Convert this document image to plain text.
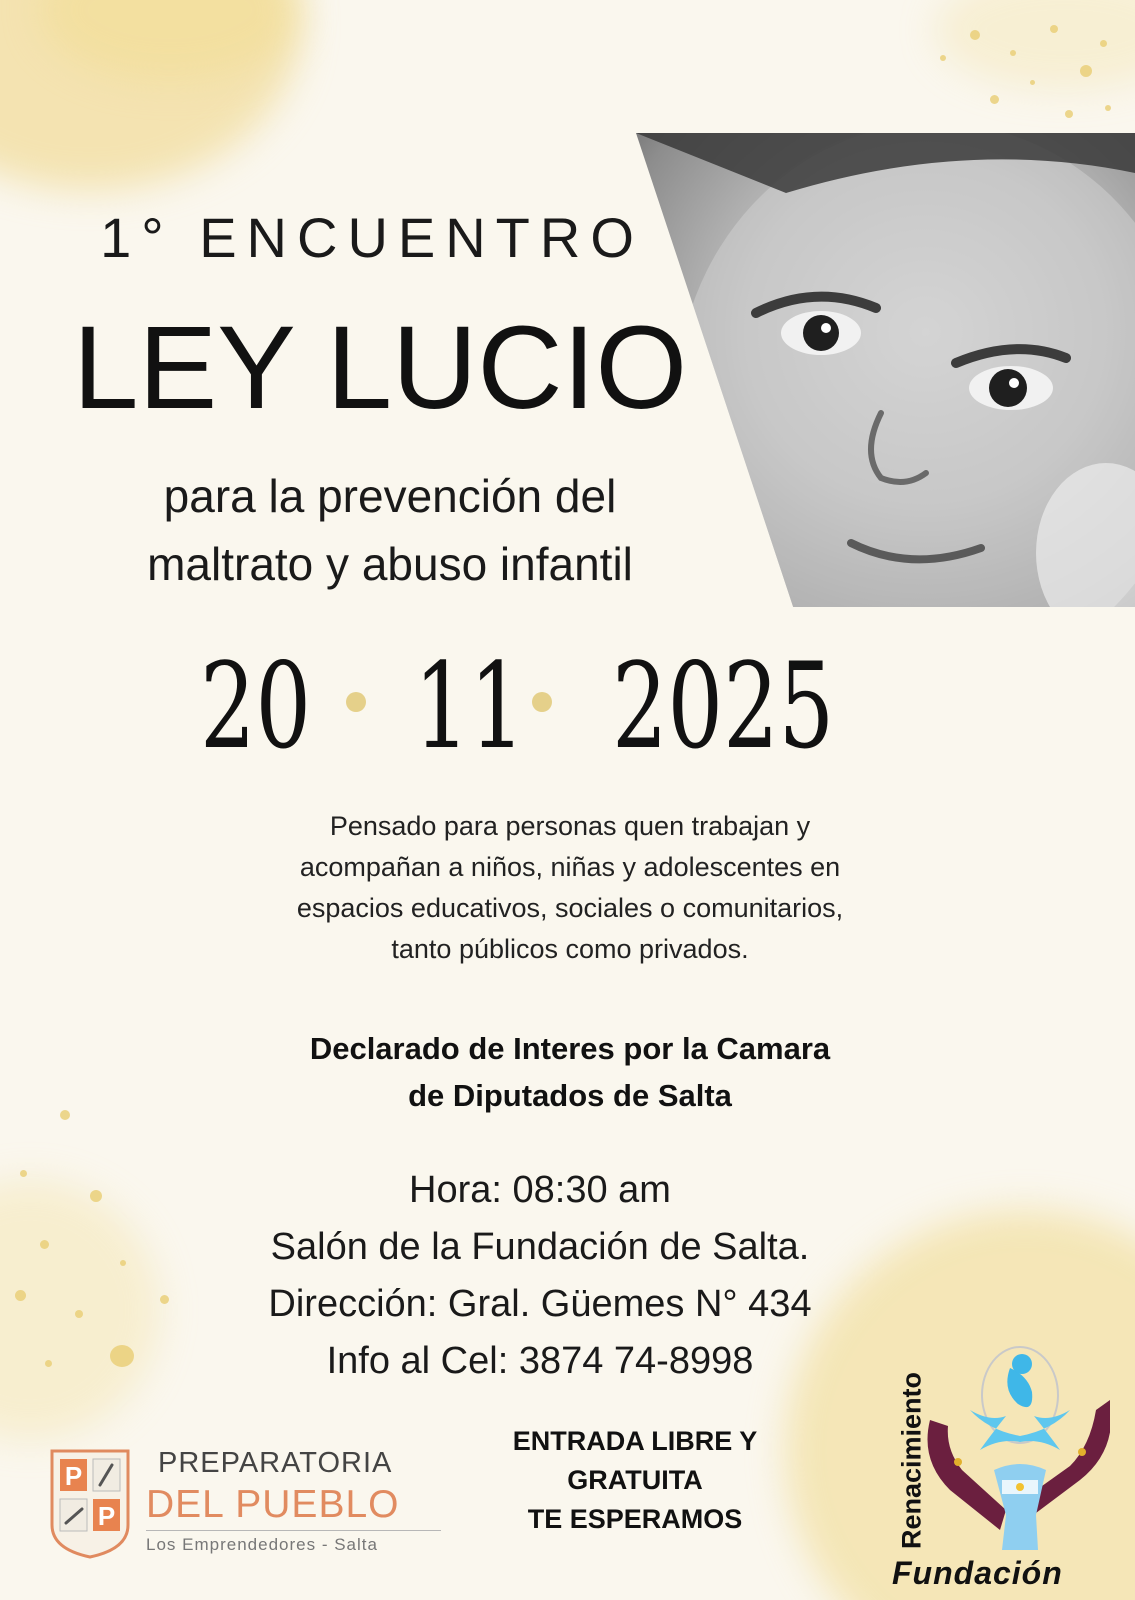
1° ENCUENTRO
LEY LUCIO
para la prevención del
maltrato y abuso infantil
20 11 2025
Pensado para personas quen trabajan y
acompañan a niños, niñas y adolescentes en
espacios educativos, sociales o comunitarios,
tanto públicos como privados.
Declarado de Interes por la Camara
de Diputados de Salta
Hora: 08:30 am
Salón de la Fundación de Salta.
Dirección: Gral. Güemes N° 434
Info al Cel: 3874 74-8998
ENTRADA LIBRE Y
GRATUITA
TE ESPERAMOS
P
P
PREPARATORIA
DEL PUEBLO
Los Emprendedores - Salta	Renacimiento
Fundación
